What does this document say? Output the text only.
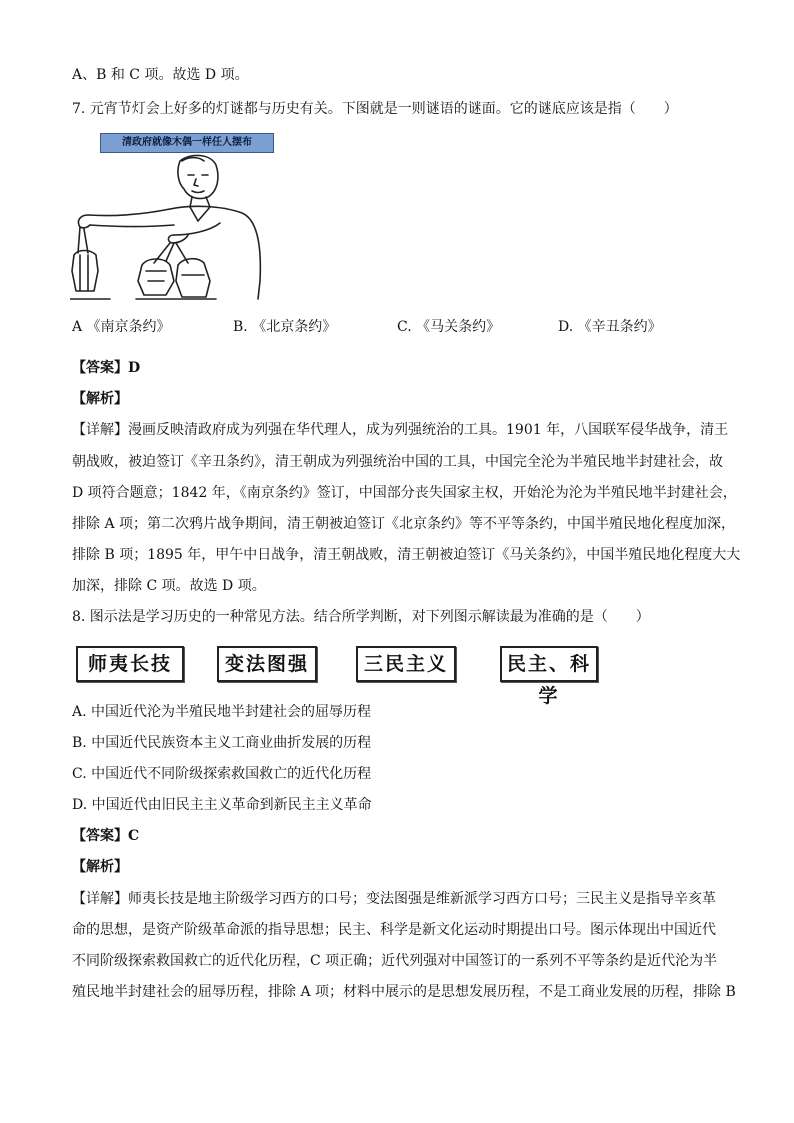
A、B 和 C 项。故选 D 项。
7. 元宵节灯会上好多的灯谜都与历史有关。下图就是一则谜语的谜面。它的谜底应该是指（　　）
清政府就像木偶一样任人摆布
A 《南京条约》	B. 《北京条约》	C. 《马关条约》	D. 《辛丑条约》
【答案】D
【解析】
【详解】漫画反映清政府成为列强在华代理人，成为列强统治的工具。1901 年，八国联军侵华战争，清王
朝战败，被迫签订《辛丑条约》，清王朝成为列强统治中国的工具，中国完全沦为半殖民地半封建社会，故
D 项符合题意；1842 年，《南京条约》签订，中国部分丧失国家主权，开始沦为沦为半殖民地半封建社会，
排除 A 项；第二次鸦片战争期间，清王朝被迫签订《北京条约》等不平等条约，中国半殖民地化程度加深，
排除 B 项；1895 年，甲午中日战争，清王朝战败，清王朝被迫签订《马关条约》，中国半殖民地化程度大大
加深，排除 C 项。故选 D 项。
8. 图示法是学习历史的一种常见方法。结合所学判断，对下列图示解读最为准确的是（　　）
师夷长技	变法图强	三民主义	民主、科学
A. 中国近代沦为半殖民地半封建社会的屈辱历程
B. 中国近代民族资本主义工商业曲折发展的历程
C. 中国近代不同阶级探索救国救亡的近代化历程
D. 中国近代由旧民主主义革命到新民主主义革命
【答案】C
【解析】
【详解】师夷长技是地主阶级学习西方的口号；变法图强是维新派学习西方口号；三民主义是指导辛亥革
命的思想，是资产阶级革命派的指导思想；民主、科学是新文化运动时期提出口号。图示体现出中国近代
不同阶级探索救国救亡的近代化历程，C 项正确；近代列强对中国签订的一系列不平等条约是近代沦为半
殖民地半封建社会的屈辱历程，排除 A 项；材料中展示的是思想发展历程，不是工商业发展的历程，排除 B
